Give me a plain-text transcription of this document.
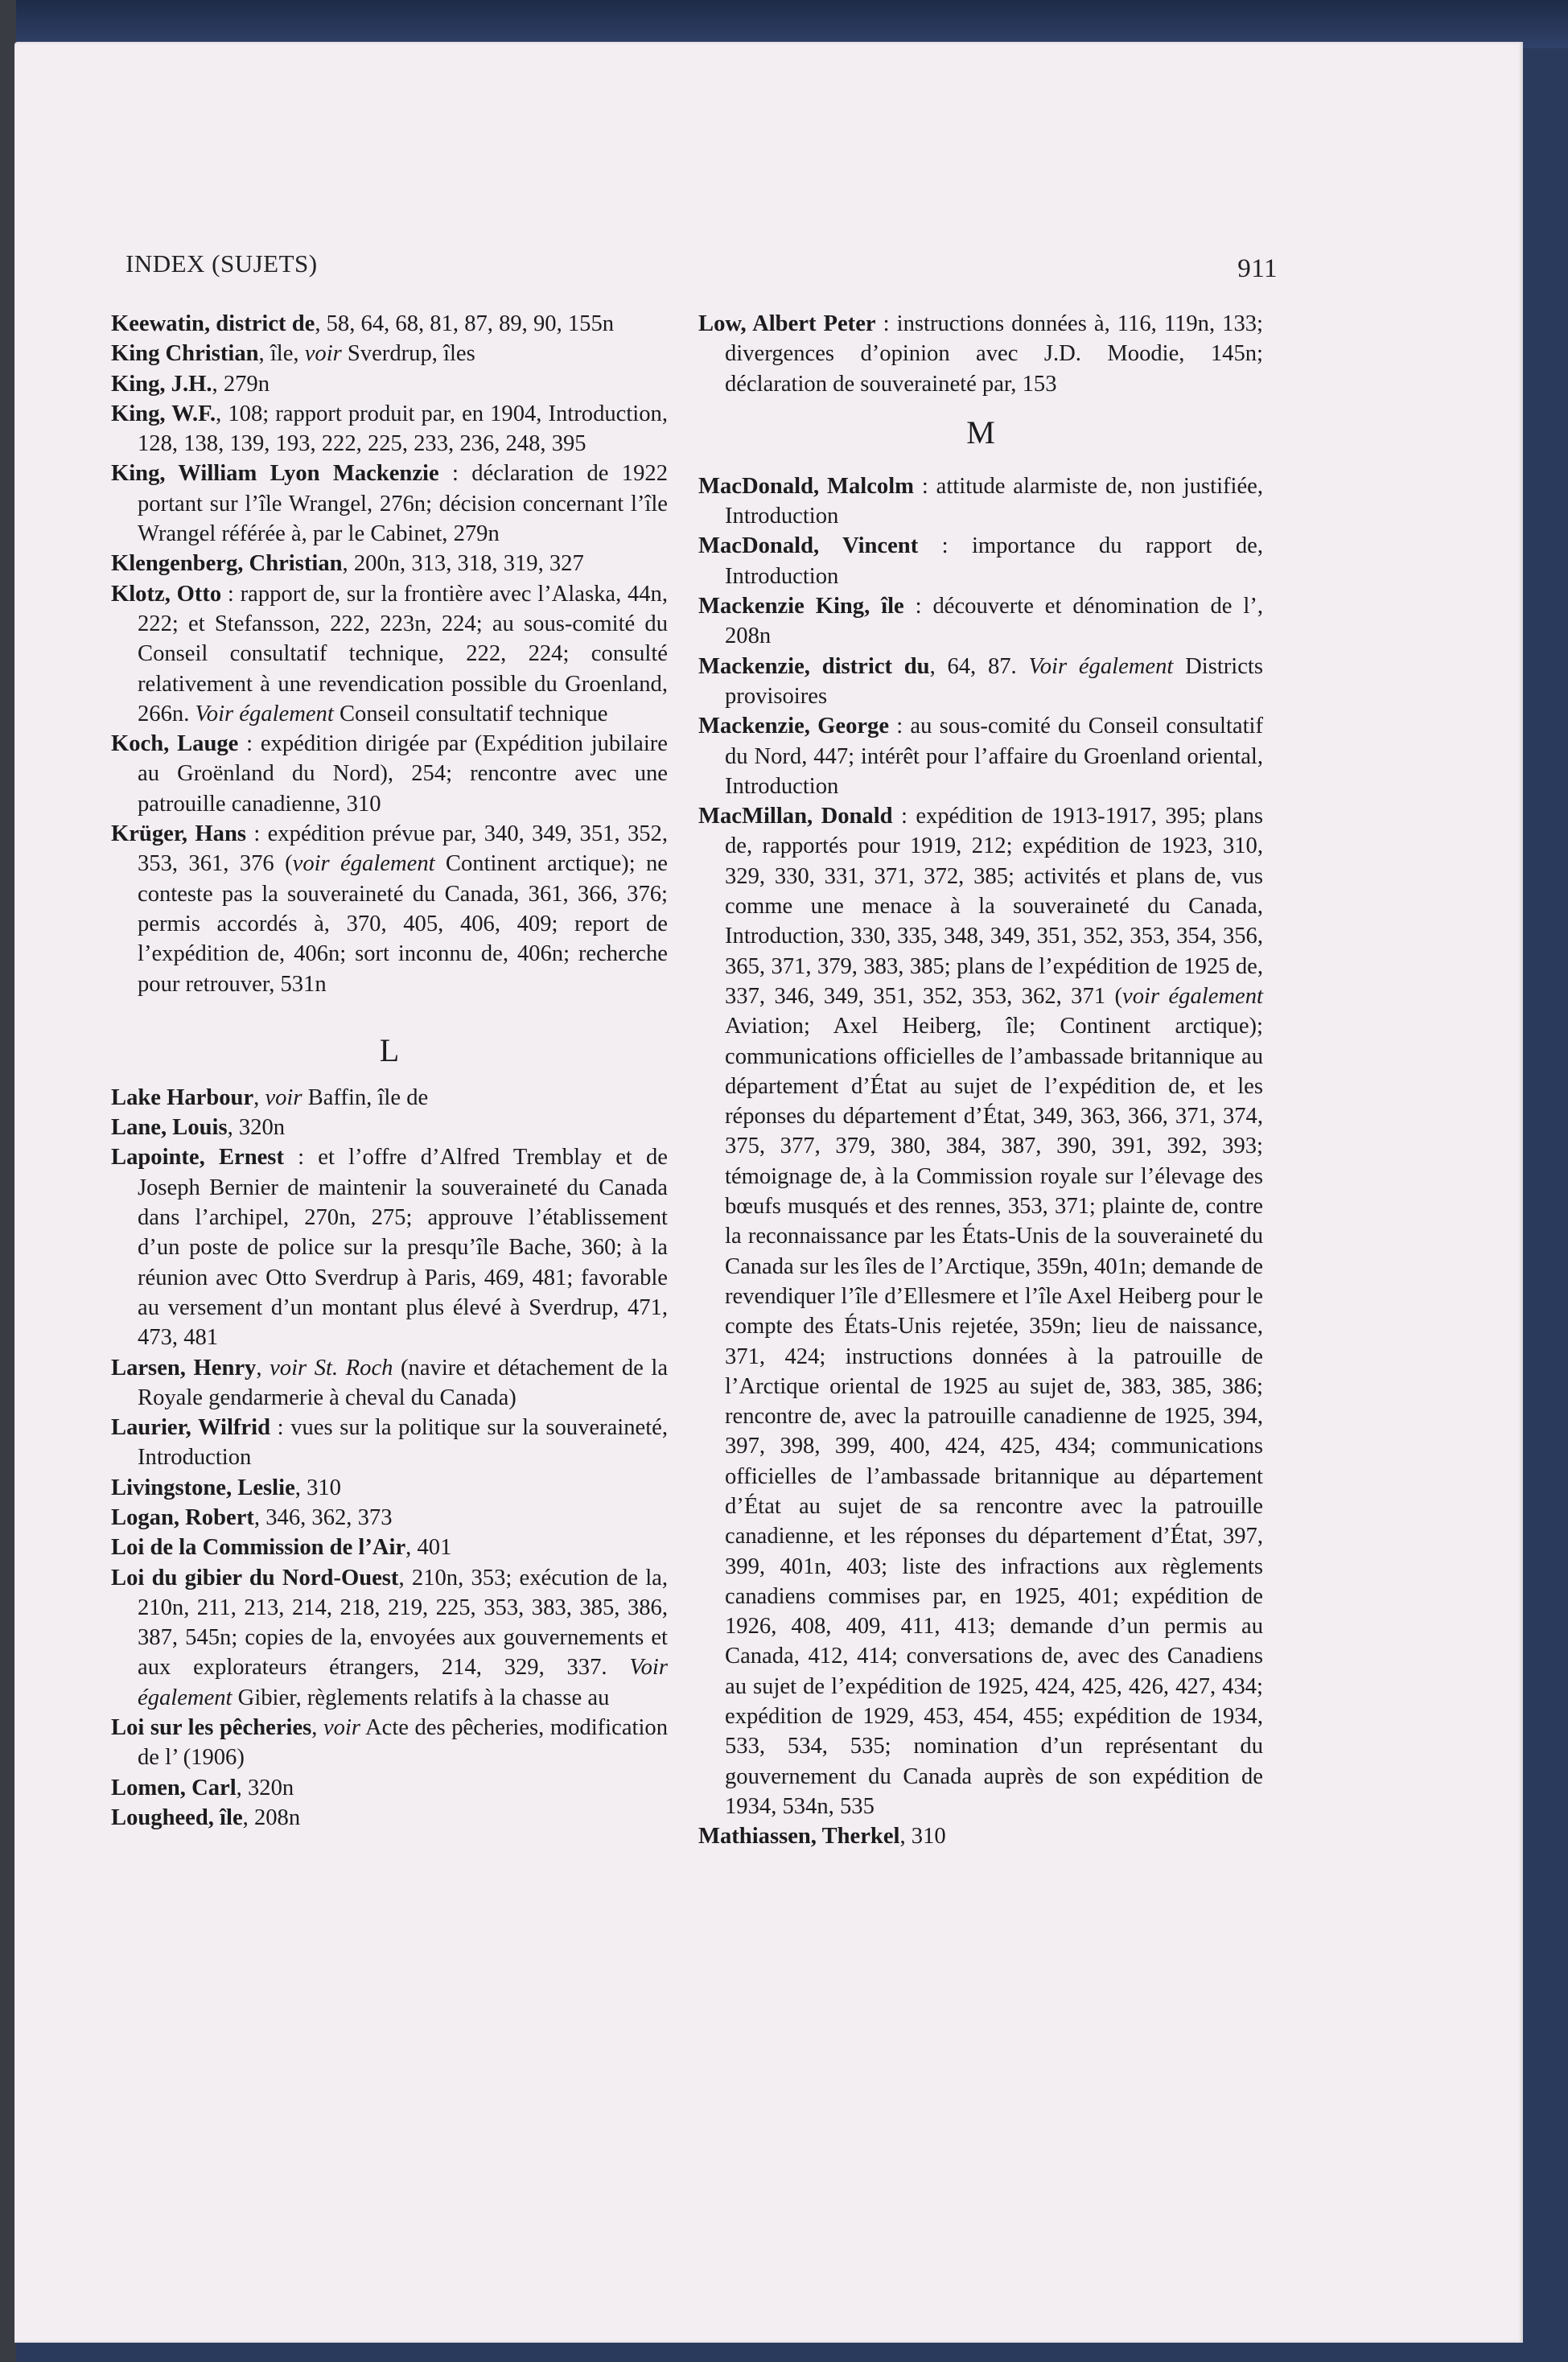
INDEX (SUJETS)	911

Keewatin, district de, 58, 64, 68, 81, 87, 89, 90, 155n

King Christian, île, voir Sverdrup, îles

King, J.H., 279n

King, W.F., 108; rapport produit par, en 1904, Introduction, 128, 138, 139, 193, 222, 225, 233, 236, 248, 395

King, William Lyon Mackenzie : déclaration de 1922 portant sur l’île Wrangel, 276n; décision concernant l’île Wrangel référée à, par le Cabinet, 279n

Klengenberg, Christian, 200n, 313, 318, 319, 327

Klotz, Otto : rapport de, sur la frontière avec l’Alaska, 44n, 222; et Stefansson, 222, 223n, 224; au sous-comité du Conseil consultatif technique, 222, 224; consulté relativement à une revendication possible du Groenland, 266n. Voir également Conseil consultatif technique

Koch, Lauge : expédition dirigée par (Expédition jubilaire au Groënland du Nord), 254; rencontre avec une patrouille canadienne, 310

Krüger, Hans : expédition prévue par, 340, 349, 351, 352, 353, 361, 376 (voir également Continent arctique); ne conteste pas la souveraineté du Canada, 361, 366, 376; permis accordés à, 370, 405, 406, 409; report de l’expédition de, 406n; sort inconnu de, 406n; recherche pour retrouver, 531n

L

Lake Harbour, voir Baffin, île de

Lane, Louis, 320n

Lapointe, Ernest : et l’offre d’Alfred Tremblay et de Joseph Bernier de maintenir la souveraineté du Canada dans l’archipel, 270n, 275; approuve l’établissement d’un poste de police sur la presqu’île Bache, 360; à la réunion avec Otto Sverdrup à Paris, 469, 481; favorable au versement d’un montant plus élevé à Sverdrup, 471, 473, 481

Larsen, Henry, voir St. Roch (navire et détachement de la Royale gendarmerie à cheval du Canada)

Laurier, Wilfrid : vues sur la politique sur la souveraineté, Introduction

Livingstone, Leslie, 310

Logan, Robert, 346, 362, 373

Loi de la Commission de l’Air, 401

Loi du gibier du Nord-Ouest, 210n, 353; exécution de la, 210n, 211, 213, 214, 218, 219, 225, 353, 383, 385, 386, 387, 545n; copies de la, envoyées aux gouvernements et aux explorateurs étrangers, 214, 329, 337. Voir également Gibier, règlements relatifs à la chasse au

Loi sur les pêcheries, voir Acte des pêcheries, modification de l’ (1906)

Lomen, Carl, 320n

Lougheed, île, 208n

Low, Albert Peter : instructions données à, 116, 119n, 133; divergences d’opinion avec J.D. Moodie, 145n; déclaration de souveraineté par, 153

M

MacDonald, Malcolm : attitude alarmiste de, non justifiée, Introduction

MacDonald, Vincent : importance du rapport de, Introduction

Mackenzie King, île : découverte et dénomination de l’, 208n

Mackenzie, district du, 64, 87. Voir également Districts provisoires

Mackenzie, George : au sous-comité du Conseil consultatif du Nord, 447; intérêt pour l’affaire du Groenland oriental, Introduction

MacMillan, Donald : expédition de 1913-1917, 395; plans de, rapportés pour 1919, 212; expédition de 1923, 310, 329, 330, 331, 371, 372, 385; activités et plans de, vus comme une menace à la souveraineté du Canada, Introduction, 330, 335, 348, 349, 351, 352, 353, 354, 356, 365, 371, 379, 383, 385; plans de l’expédition de 1925 de, 337, 346, 349, 351, 352, 353, 362, 371 (voir également Aviation; Axel Heiberg, île; Continent arctique); communications officielles de l’ambassade britannique au département d’État au sujet de l’expédition de, et les réponses du département d’État, 349, 363, 366, 371, 374, 375, 377, 379, 380, 384, 387, 390, 391, 392, 393; témoignage de, à la Commission royale sur l’élevage des bœufs musqués et des rennes, 353, 371; plainte de, contre la reconnaissance par les États-Unis de la souveraineté du Canada sur les îles de l’Arctique, 359n, 401n; demande de revendiquer l’île d’Ellesmere et l’île Axel Heiberg pour le compte des États-Unis rejetée, 359n; lieu de naissance, 371, 424; instructions données à la patrouille de l’Arctique oriental de 1925 au sujet de, 383, 385, 386; rencontre de, avec la patrouille canadienne de 1925, 394, 397, 398, 399, 400, 424, 425, 434; communications officielles de l’ambassade britannique au département d’État au sujet de sa rencontre avec la patrouille canadienne, et les réponses du département d’État, 397, 399, 401n, 403; liste des infractions aux règlements canadiens commises par, en 1925, 401; expédition de 1926, 408, 409, 411, 413; demande d’un permis au Canada, 412, 414; conversations de, avec des Canadiens au sujet de l’expédition de 1925, 424, 425, 426, 427, 434; expédition de 1929, 453, 454, 455; expédition de 1934, 533, 534, 535; nomination d’un représentant du gouvernement du Canada auprès de son expédition de 1934, 534n, 535

Mathiassen, Therkel, 310
